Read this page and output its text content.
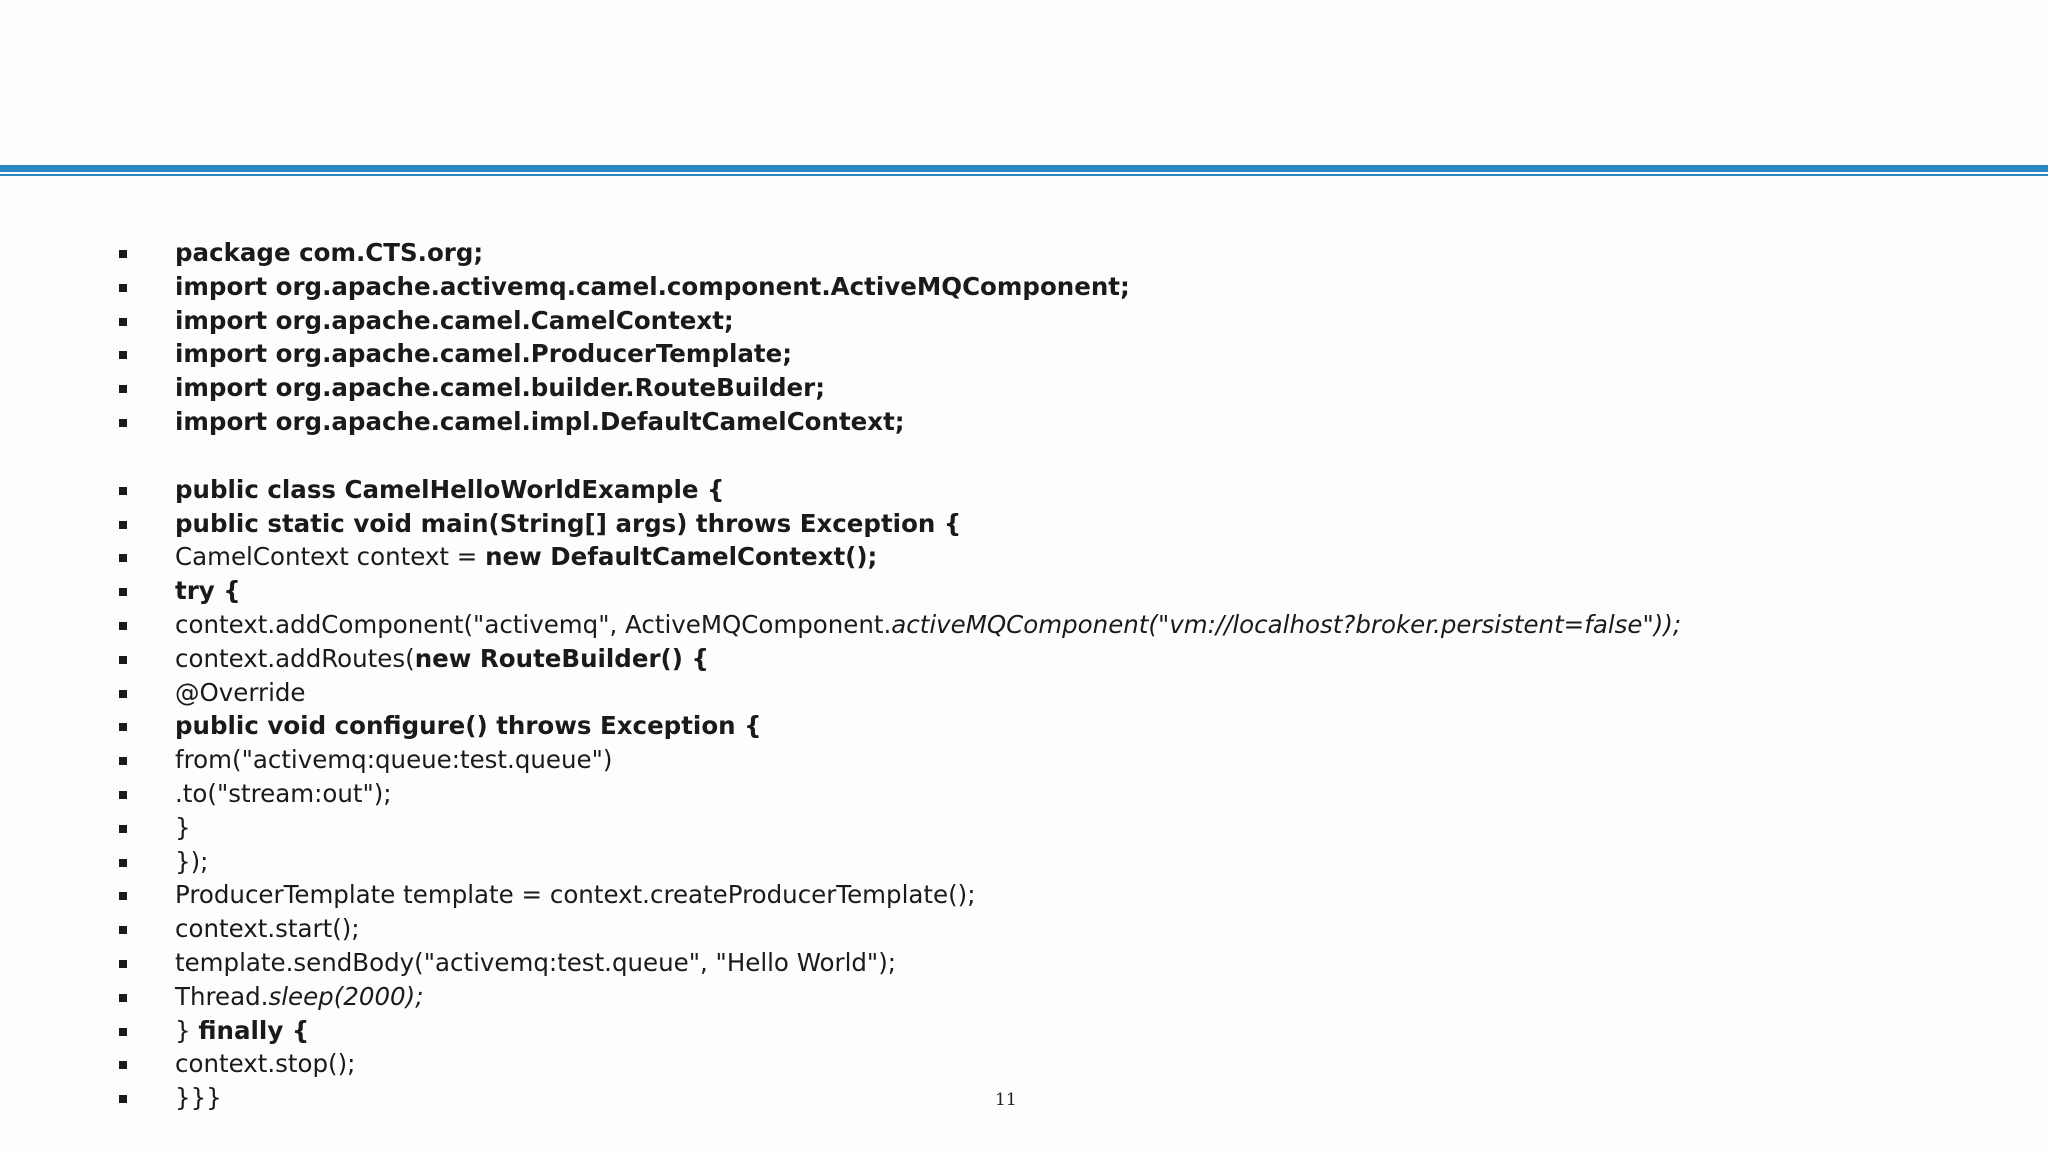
package com.CTS.org;
import org.apache.activemq.camel.component.ActiveMQComponent;
import org.apache.camel.CamelContext;
import org.apache.camel.ProducerTemplate;
import org.apache.camel.builder.RouteBuilder;
import org.apache.camel.impl.DefaultCamelContext;
public class CamelHelloWorldExample {
public static void main(String[] args) throws Exception {
CamelContext context = new DefaultCamelContext();
try {
context.addComponent("activemq", ActiveMQComponent.activeMQComponent("vm://localhost?broker.persistent=false"));
context.addRoutes(new RouteBuilder() {
@Override
public void configure() throws Exception {
from("activemq:queue:test.queue")
.to("stream:out");
}
});
ProducerTemplate template = context.createProducerTemplate();
context.start();
template.sendBody("activemq:test.queue", "Hello World");
Thread.sleep(2000);
} finally {
context.stop();
}}}	11
